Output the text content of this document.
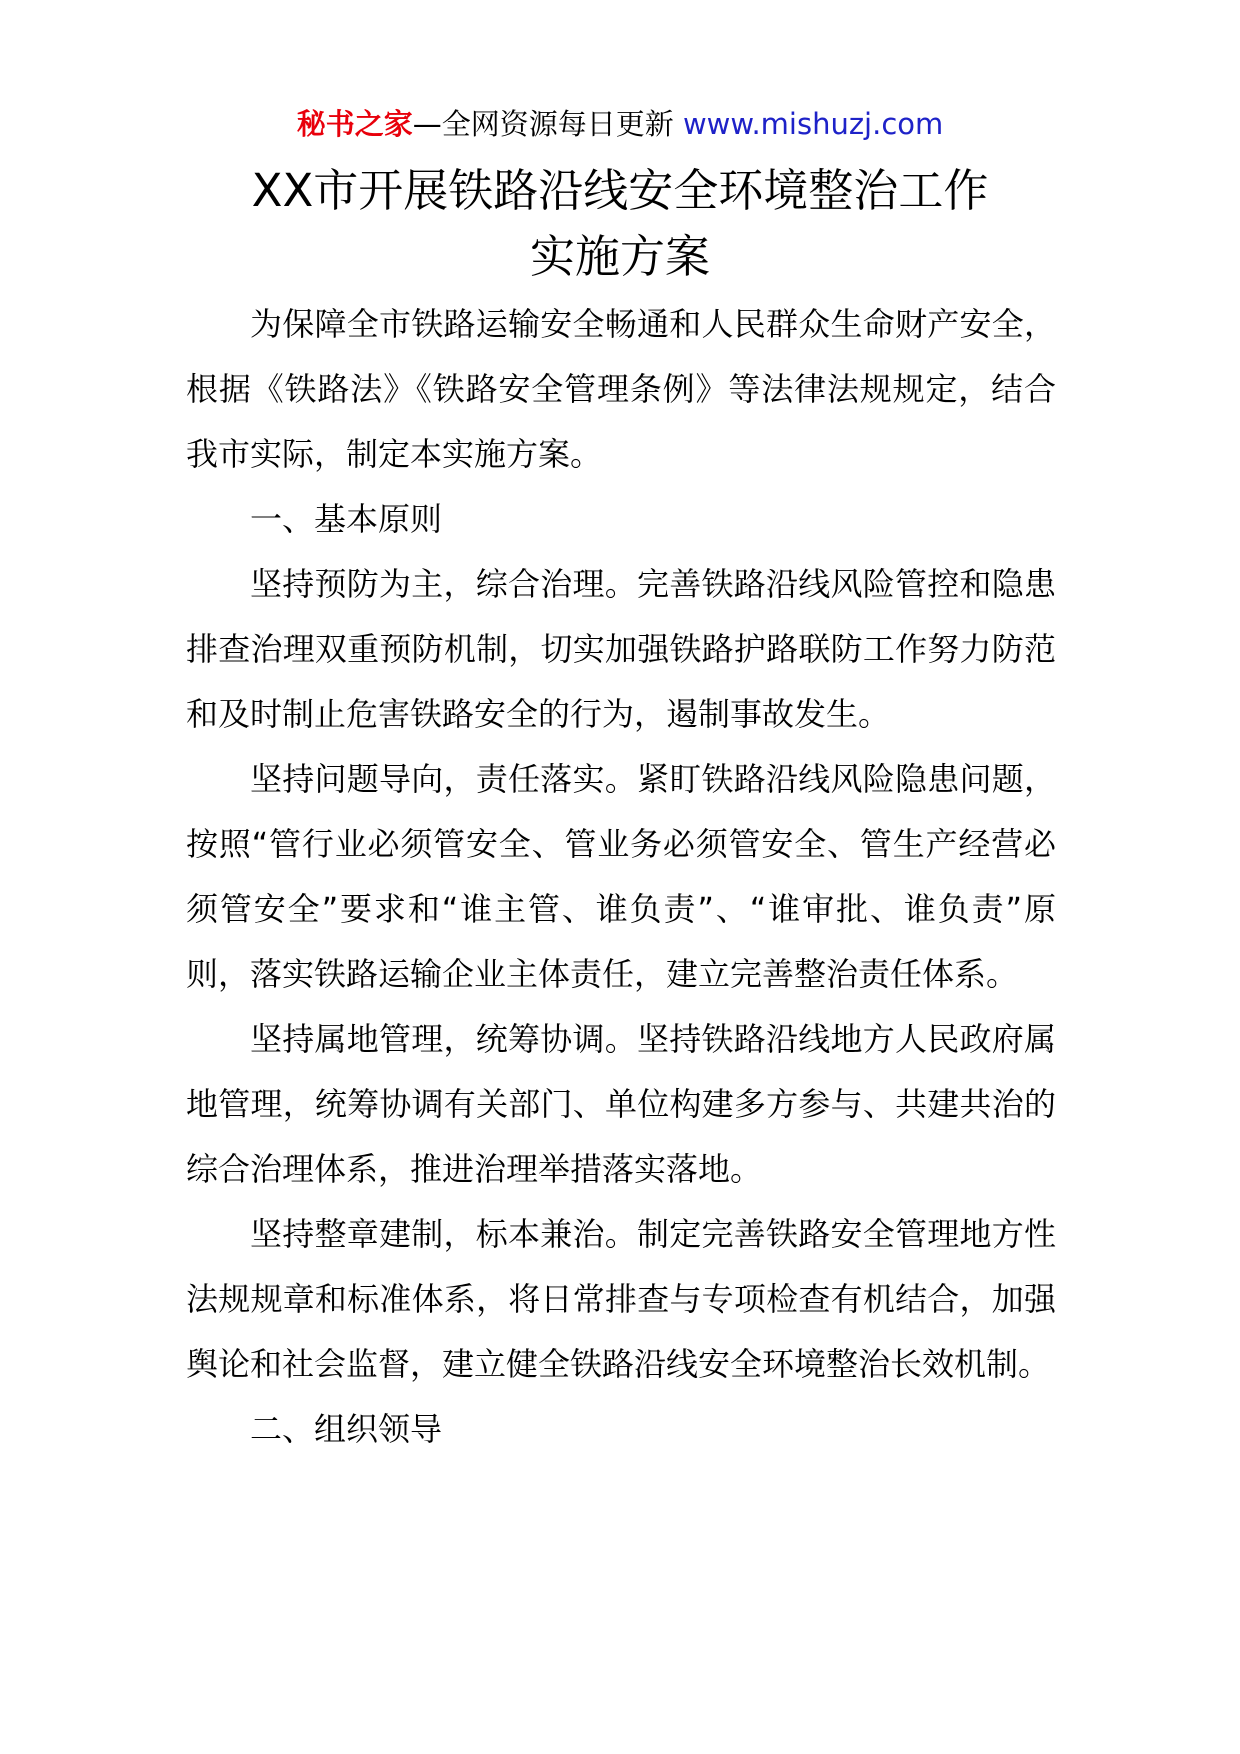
秘书之家—全网资源每日更新 www.mishuzj.com
XX市开展铁路沿线安全环境整治工作
实施方案

为保障全市铁路运输安全畅通和人民群众生命财产安全，根据《铁路法》《铁路安全管理条例》等法律法规规定，结合我市实际，制定本实施方案。

一、基本原则

坚持预防为主，综合治理。完善铁路沿线风险管控和隐患排查治理双重预防机制，切实加强铁路护路联防工作努力防范和及时制止危害铁路安全的行为，遏制事故发生。

坚持问题导向，责任落实。紧盯铁路沿线风险隐患问题，按照“管行业必须管安全、管业务必须管安全、管生产经营必须管安全”要求和“谁主管、谁负责”、“谁审批、谁负责”原则，落实铁路运输企业主体责任，建立完善整治责任体系。

坚持属地管理，统筹协调。坚持铁路沿线地方人民政府属地管理，统筹协调有关部门、单位构建多方参与、共建共治的综合治理体系，推进治理举措落实落地。

坚持整章建制，标本兼治。制定完善铁路安全管理地方性法规规章和标准体系，将日常排查与专项检查有机结合，加强舆论和社会监督，建立健全铁路沿线安全环境整治长效机制。

二、组织领导
